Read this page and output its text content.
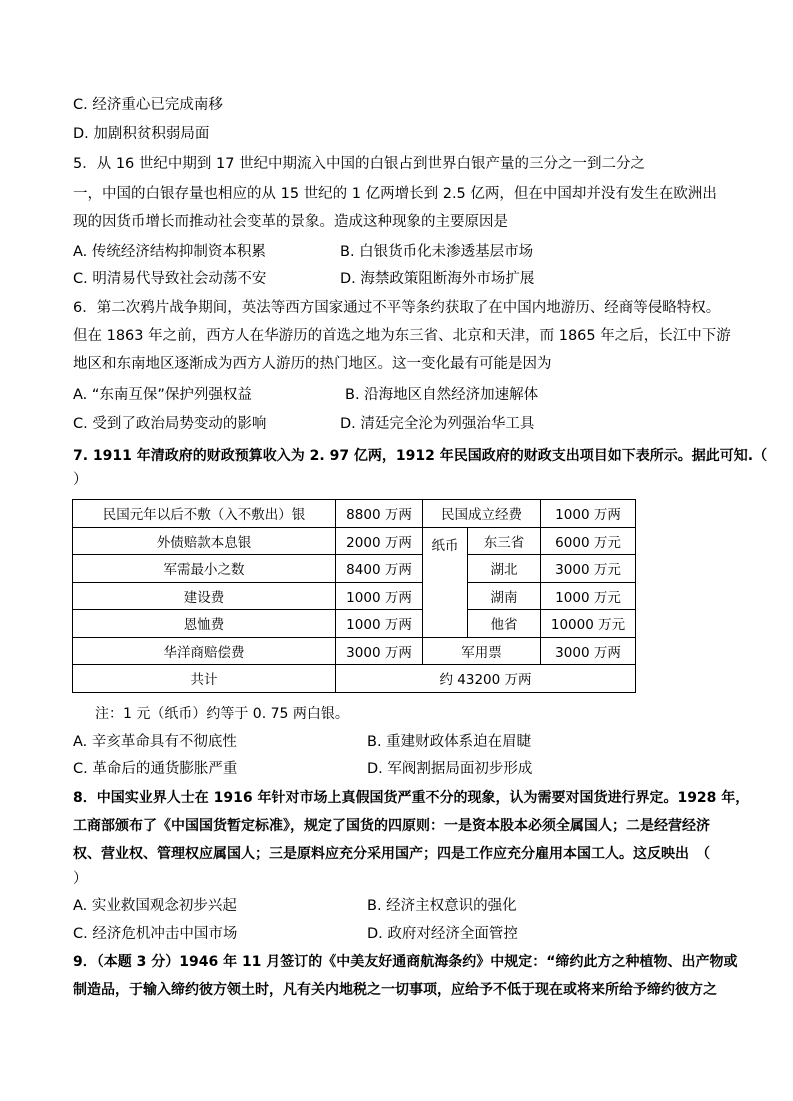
C. 经济重心已完成南移
D. 加剧积贫积弱局面
5．从 16 世纪中期到 17 世纪中期流入中国的白银占到世界白银产量的三分之一到二分之
一，中国的白银存量也相应的从 15 世纪的 1 亿两增长到 2.5 亿两，但在中国却并没有发生在欧洲出
现的因货币增长而推动社会变革的景象。造成这种现象的主要原因是
A. 传统经济结构抑制资本积累	B. 白银货币化未渗透基层市场
C. 明清易代导致社会动荡不安	D. 海禁政策阻断海外市场扩展
6．第二次鸦片战争期间，英法等西方国家通过不平等条约获取了在中国内地游历、经商等侵略特权。
但在 1863 年之前，西方人在华游历的首选之地为东三省、北京和天津，而 1865 年之后，长江中下游
地区和东南地区逐渐成为西方人游历的热门地区。这一变化最有可能是因为
A. “东南互保”保护列强权益	B. 沿海地区自然经济加速解体
C. 受到了政治局势变动的影响	D. 清廷完全沦为列强治华工具
7. 1911 年清政府的财政预算收入为 2. 97 亿两，1912 年民国政府的财政支出项目如下表所示。据此可知.（
）
民国元年以后不敷（入不敷出）银	8800 万两	民国成立经费		1000 万两
外债赔款本息银	2000 万两	纸币	东三省	6000 万元
军需最小之数	8400 万两		湖北	3000 万元
建设费	1000 万两		湖南	1000 万元
恩恤费	1000 万两		他省	10000 万元
华洋商赔偿费	3000 万两	军用票		3000 万两
共计	约 43200 万两			
注：1 元（纸币）约等于 0. 75 两白银。
A. 辛亥革命具有不彻底性	B. 重建财政体系迫在眉睫
C. 革命后的通货膨胀严重	D. 军阀割据局面初步形成
8．中国实业界人士在 1916 年针对市场上真假国货严重不分的现象，认为需要对国货进行界定。1928 年，
工商部颁布了《中国国货暂定标准》，规定了国货的四原则：一是资本股本必须全属国人；二是经营经济
权、营业权、管理权应属国人；三是原料应充分采用国产；四是工作应充分雇用本国工人。这反映出　（
）
A. 实业救国观念初步兴起	B. 经济主权意识的强化
C. 经济危机冲击中国市场	D. 政府对经济全面管控
9．（本题 3 分）1946 年 11 月签订的《中美友好通商航海条约》中规定：“缔约此方之种植物、出产物或
制造品，于输入缔约彼方领土时，凡有关内地税之一切事项，应给予不低于现在或将来所给予缔约彼方之
